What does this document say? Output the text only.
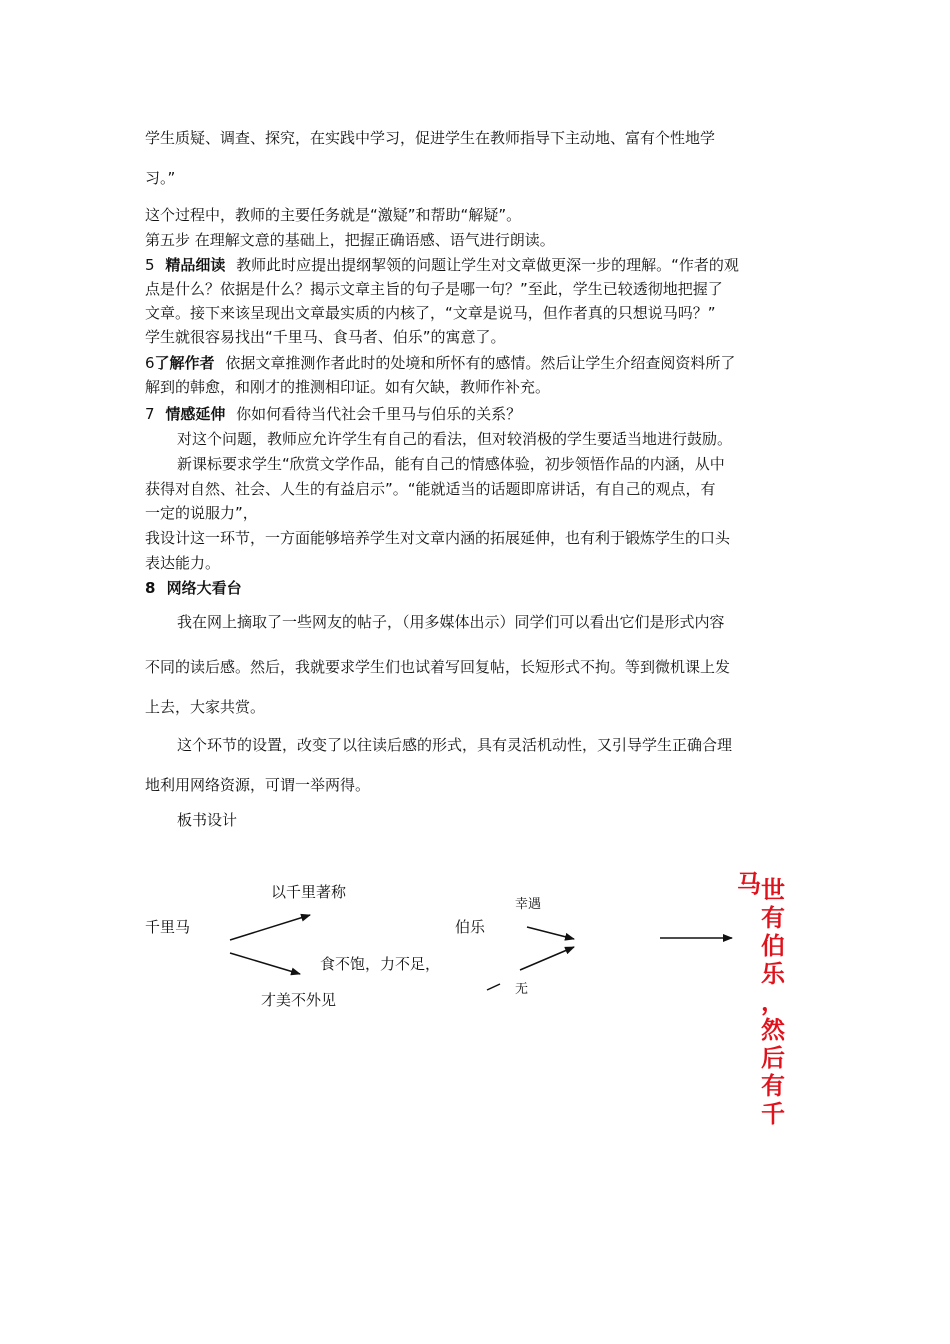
学生质疑、调查、探究，在实践中学习，促进学生在教师指导下主动地、富有个性地学
习。”
这个过程中，教师的主要任务就是“激疑”和帮助“解疑”。
第五步 在理解文意的基础上，把握正确语感、语气进行朗读。
5 精品细读 教师此时应提出提纲挈领的问题让学生对文章做更深一步的理解。“作者的观
点是什么？依据是什么？揭示文章主旨的句子是哪一句？”至此，学生已较透彻地把握了
文章。接下来该呈现出文章最实质的内核了，“文章是说马，但作者真的只想说马吗？”
学生就很容易找出“千里马、食马者、伯乐”的寓意了。
6了解作者 依据文章推测作者此时的处境和所怀有的感情。然后让学生介绍查阅资料所了
解到的韩愈，和刚才的推测相印证。如有欠缺，教师作补充。
7 情感延伸 你如何看待当代社会千里马与伯乐的关系？
对这个问题，教师应允许学生有自己的看法，但对较消极的学生要适当地进行鼓励。
新课标要求学生“欣赏文学作品，能有自己的情感体验，初步领悟作品的内涵，从中
获得对自然、社会、人生的有益启示”。“能就适当的话题即席讲话，有自己的观点，有
一定的说服力”，
我设计这一环节，一方面能够培养学生对文章内涵的拓展延伸，也有利于锻炼学生的口头
表达能力。
8 网络大看台
我在网上摘取了一些网友的帖子，（用多媒体出示）同学们可以看出它们是形式内容
不同的读后感。然后，我就要求学生们也试着写回复帖，长短形式不拘。等到微机课上发
上去，大家共赏。
这个环节的设置，改变了以往读后感的形式，具有灵活机动性，又引导学生正确合理
地利用网络资源，可谓一举两得。
板书设计
千里马
以千里著称
食不饱，力不足，
才美不外见
伯乐
幸遇
无
马 世
有
伯
乐
，
然
后
有
千
